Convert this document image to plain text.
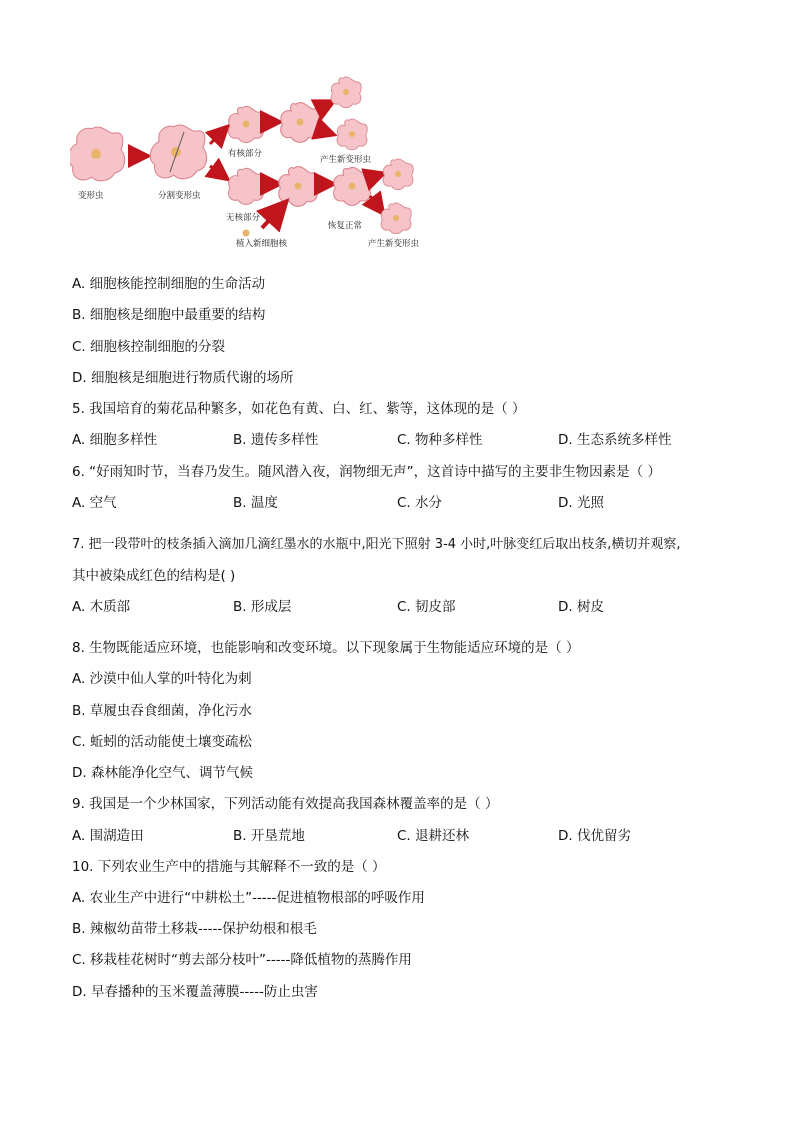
变形虫	分割变形虫
有核部分
产生新变形虫
无核部分
植入新细胞核
恢复正常
产生新变形虫
A. 细胞核能控制细胞的生命活动
B. 细胞核是细胞中最重要的结构
C. 细胞核控制细胞的分裂
D. 细胞核是细胞进行物质代谢的场所
5. 我国培育的菊花品种繁多，如花色有黄、白、红、紫等，这体现的是（ ）
A. 细胞多样性	B. 遗传多样性	C. 物种多样性	D. 生态系统多样性
6. “好雨知时节，当春乃发生。随风潜入夜，润物细无声”，这首诗中描写的主要非生物因素是（ ）
A. 空气	B. 温度	C. 水分	D. 光照
7. 把一段带叶的枝条插入滴加几滴红墨水的水瓶中,阳光下照射 3-4 小时,叶脉变红后取出枝条,横切并观察,
其中被染成红色的结构是( )
A. 木质部	B. 形成层	C. 韧皮部	D. 树皮
8. 生物既能适应环境，也能影响和改变环境。以下现象属于生物能适应环境的是（ ）
A. 沙漠中仙人掌的叶特化为刺
B. 草履虫吞食细菌，净化污水
C. 蚯蚓的活动能使土壤变疏松
D. 森林能净化空气、调节气候
9. 我国是一个少林国家，下列活动能有效提高我国森林覆盖率的是（ ）
A. 围湖造田	B. 开垦荒地	C. 退耕还林	D. 伐优留劣
10. 下列农业生产中的措施与其解释不一致的是（ ）
A. 农业生产中进行“中耕松土”-----促进植物根部的呼吸作用
B. 辣椒幼苗带土移栽-----保护幼根和根毛
C. 移栽桂花树时“剪去部分枝叶”-----降低植物的蒸腾作用
D. 早春播种的玉米覆盖薄膜-----防止虫害
